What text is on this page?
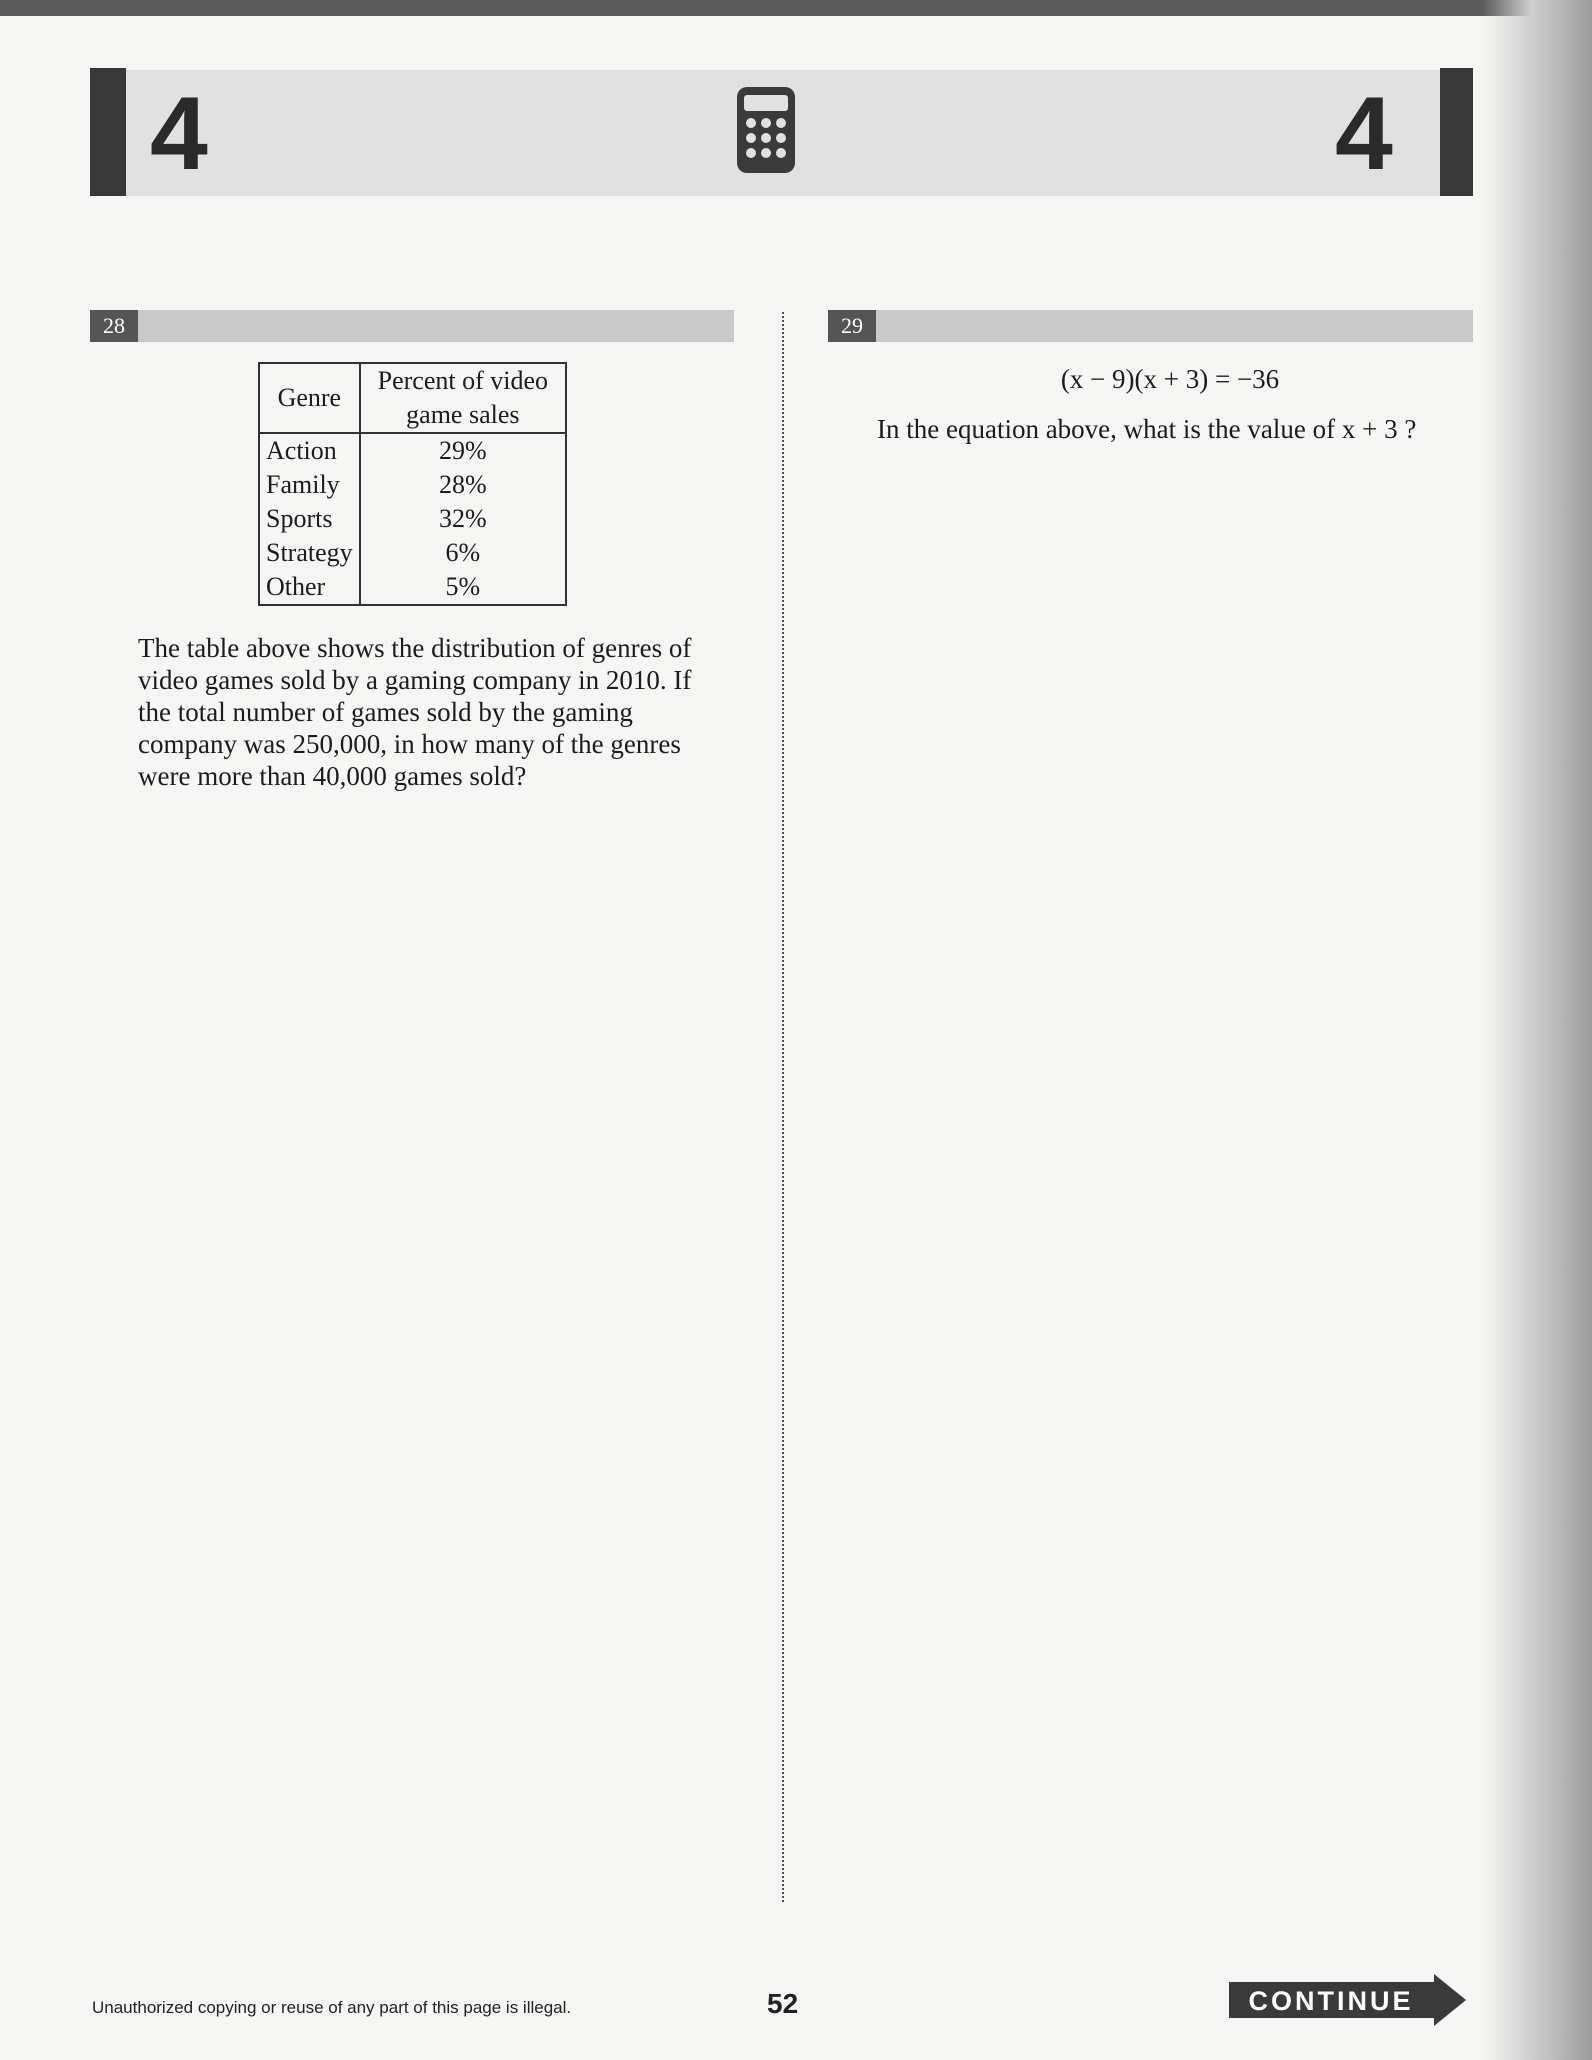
4	4
28
Genre	Percent of video game sales
Action	29%
Family	28%
Sports	32%
Strategy	6%
Other	5%
The table above shows the distribution of genres of video games sold by a gaming company in 2010. If the total number of games sold by the gaming company was 250,000, in how many of the genres were more than 40,000 games sold?
29
(x − 9)(x + 3) = −36
In the equation above, what is the value of x + 3 ?
Unauthorized copying or reuse of any part of this page is illegal.	52	CONTINUE
